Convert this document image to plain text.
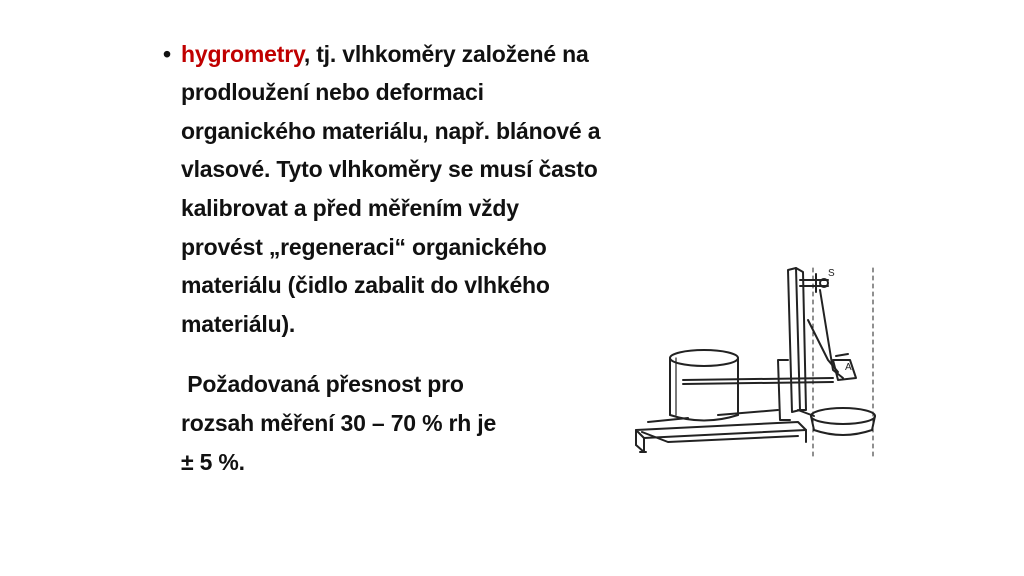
• hygrometry, tj. vlhkoměry založené na
prodloužení nebo deformaci
organického materiálu, např. blánové a
vlasové. Tyto vlhkoměry se musí často
kalibrovat a před měřením vždy
provést „regeneraci“ organického
materiálu (čidlo zabalit do vlhkého
materiálu).
Požadovaná přesnost pro
rozsah měření 30 – 70 % rh je
± 5 %.
S
A
